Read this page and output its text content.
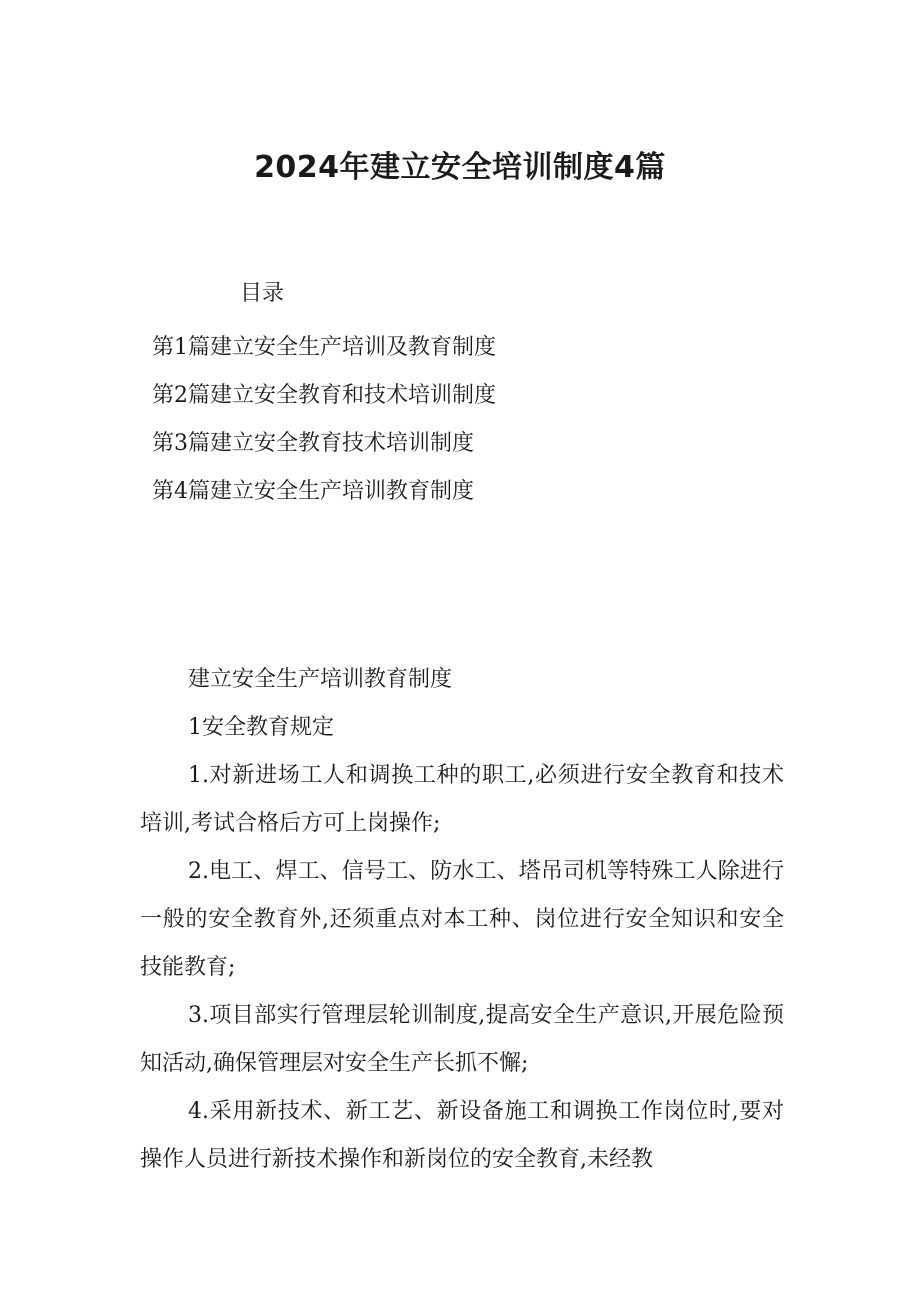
2024年建立安全培训制度4篇
目录
第1篇建立安全生产培训及教育制度
第2篇建立安全教育和技术培训制度
第3篇建立安全教育技术培训制度
第4篇建立安全生产培训教育制度
建立安全生产培训教育制度
1安全教育规定

1.对新进场工人和调换工种的职工,必须进行安全教育和技术培训,考试合格后方可上岗操作;

2.电工、焊工、信号工、防水工、塔吊司机等特殊工人除进行一般的安全教育外,还须重点对本工种、岗位进行安全知识和安全技能教育;

3.项目部实行管理层轮训制度,提高安全生产意识,开展危险预知活动,确保管理层对安全生产长抓不懈;

4.采用新技术、新工艺、新设备施工和调换工作岗位时,要对操作人员进行新技术操作和新岗位的安全教育,未经教
